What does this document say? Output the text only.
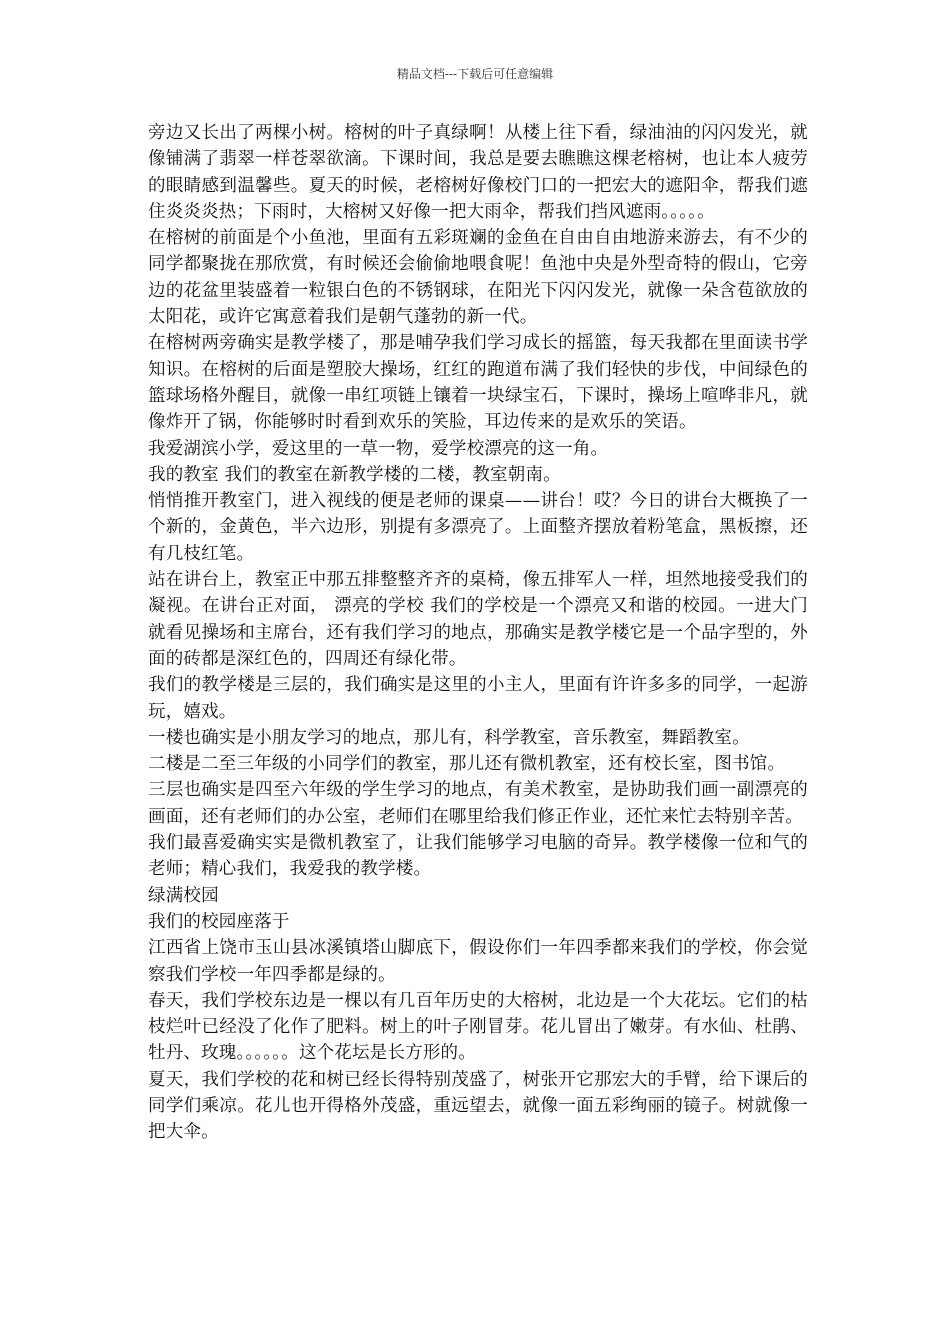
精品文档---下载后可任意编辑

旁边又长出了两棵小树。榕树的叶子真绿啊！从楼上往下看，绿油油的闪闪发光，就像铺满了翡翠一样苍翠欲滴。下课时间，我总是要去瞧瞧这棵老榕树，也让本人疲劳的眼睛感到温馨些。夏天的时候，老榕树好像校门口的一把宏大的遮阳伞，帮我们遮住炎炎炎热；下雨时，大榕树又好像一把大雨伞，帮我们挡风遮雨。。。。。

在榕树的前面是个小鱼池，里面有五彩斑斓的金鱼在自由自由地游来游去，有不少的同学都聚拢在那欣赏，有时候还会偷偷地喂食呢！鱼池中央是外型奇特的假山，它旁边的花盆里装盛着一粒银白色的不锈钢球，在阳光下闪闪发光，就像一朵含苞欲放的太阳花，或许它寓意着我们是朝气蓬勃的新一代。

在榕树两旁确实是教学楼了，那是哺孕我们学习成长的摇篮，每天我都在里面读书学知识。在榕树的后面是塑胶大操场，红红的跑道布满了我们轻快的步伐，中间绿色的篮球场格外醒目，就像一串红项链上镶着一块绿宝石，下课时，操场上喧哗非凡，就像炸开了锅，你能够时时看到欢乐的笑脸，耳边传来的是欢乐的笑语。

我爱湖滨小学，爱这里的一草一物，爱学校漂亮的这一角。

我的教室 我们的教室在新教学楼的二楼，教室朝南。

悄悄推开教室门，进入视线的便是老师的课桌——讲台！哎？今日的讲台大概换了一个新的，金黄色，半六边形，别提有多漂亮了。上面整齐摆放着粉笔盒，黑板擦，还有几枝红笔。

站在讲台上，教室正中那五排整整齐齐的桌椅，像五排军人一样，坦然地接受我们的凝视。在讲台正对面， 漂亮的学校 我们的学校是一个漂亮又和谐的校园。一进大门就看见操场和主席台，还有我们学习的地点，那确实是教学楼它是一个品字型的，外面的砖都是深红色的，四周还有绿化带。

我们的教学楼是三层的，我们确实是这里的小主人，里面有许许多多的同学，一起游玩，嬉戏。

一楼也确实是小朋友学习的地点，那儿有，科学教室，音乐教室，舞蹈教室。

二楼是二至三年级的小同学们的教室，那儿还有微机教室，还有校长室，图书馆。

三层也确实是四至六年级的学生学习的地点，有美术教室，是协助我们画一副漂亮的画面，还有老师们的办公室，老师们在哪里给我们修正作业，还忙来忙去特别辛苦。

我们最喜爱确实实是微机教室了，让我们能够学习电脑的奇异。教学楼像一位和气的老师；精心我们，我爱我的教学楼。

绿满校园

我们的校园座落于

江西省上饶市玉山县冰溪镇塔山脚底下，假设你们一年四季都来我们的学校，你会觉察我们学校一年四季都是绿的。

春天，我们学校东边是一棵以有几百年历史的大榕树，北边是一个大花坛。它们的枯枝烂叶已经没了化作了肥料。树上的叶子刚冒芽。花儿冒出了嫩芽。有水仙、杜鹃、牡丹、玫瑰。。。。。。这个花坛是长方形的。

夏天，我们学校的花和树已经长得特别茂盛了，树张开它那宏大的手臂，给下课后的同学们乘凉。花儿也开得格外茂盛，重远望去，就像一面五彩绚丽的镜子。树就像一把大伞。
